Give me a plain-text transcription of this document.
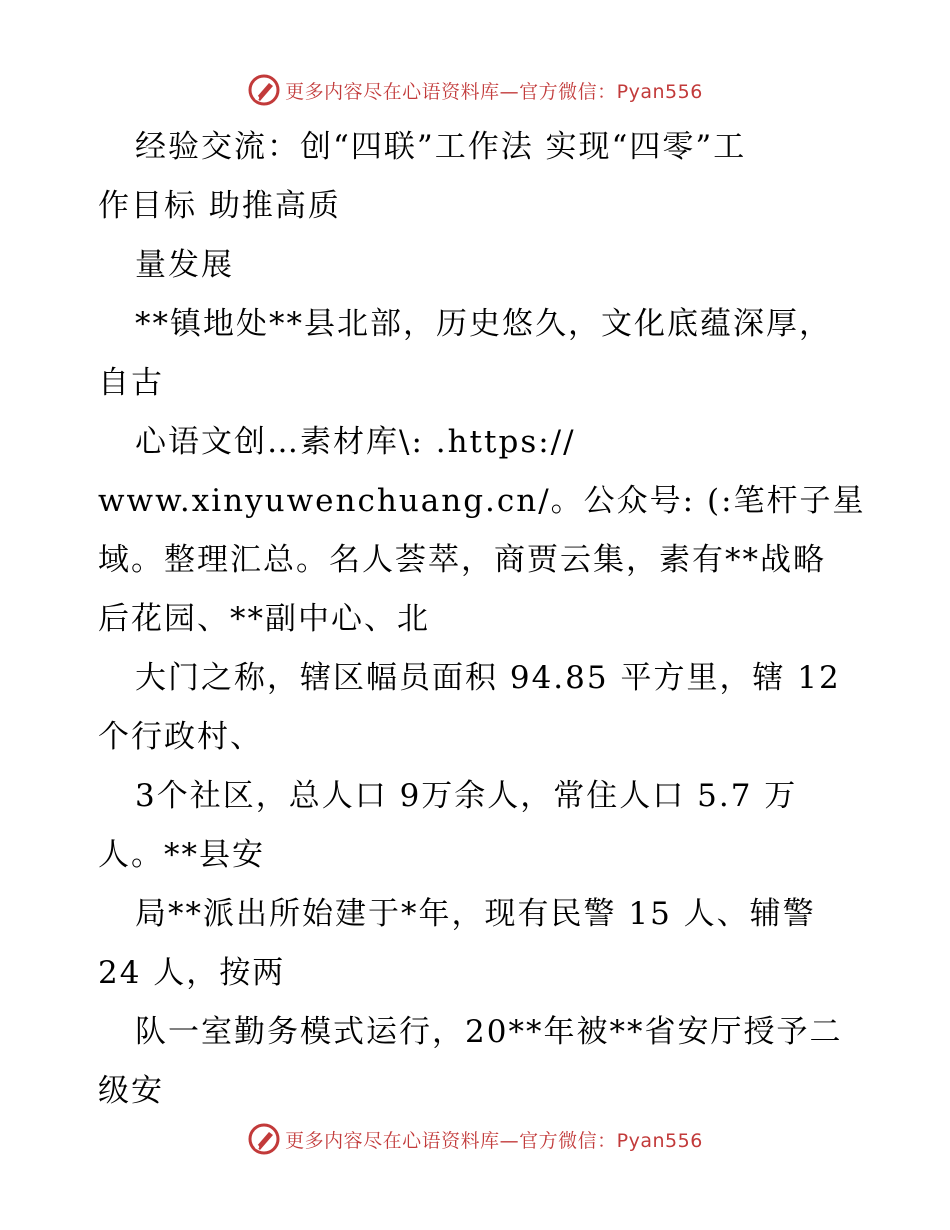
更多内容尽在心语资料库—官方微信：Pyan556
经验交流：创“四联”工作法 实现“四零”工
作目标 助推高质
量发展
**镇地处**县北部，历史悠久，文化底蕴深厚，
自古
心语文创…素材库\: .https://
www.xinyuwenchuang.cn/。公众号: (:笔杆子星
域。整理汇总。名人荟萃，商贾云集，素有**战略
后花园、**副中心、北
大门之称，辖区幅员面积 94.85 平方里，辖 12
个行政村、
3个社区，总人口 9万余人，常住人口 5.7 万
人。**县安
局**派出所始建于*年，现有民警 15 人、辅警
24 人，按两
队一室勤务模式运行，20**年被**省安厅授予二
级安
更多内容尽在心语资料库—官方微信：Pyan556
